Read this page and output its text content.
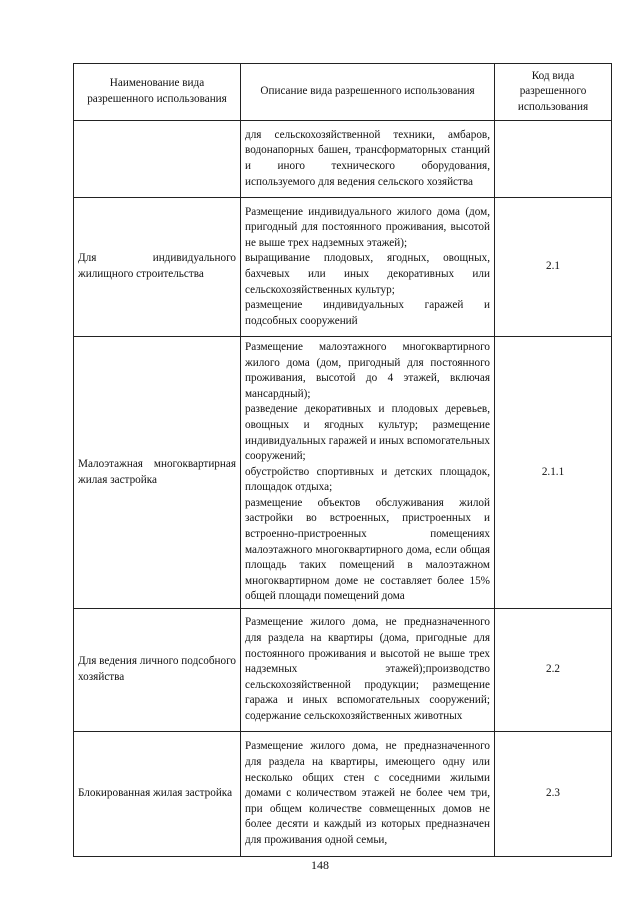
Наименование вида разрешенного использования	Описание вида разрешенного использования	Код вида разрешенного использования

	для сельскохозяйственной техники, амбаров, водонапорных башен, трансформаторных станций и иного технического оборудования, используемого для ведения сельского хозяйства	

Для индивидуального жилищного строительства	Размещение индивидуального жилого дома (дом, пригодный для постоянного проживания, высотой не выше трех надземных этажей);
выращивание плодовых, ягодных, овощных, бахчевых или иных декоративных или сельскохозяйственных культур;
размещение индивидуальных гаражей и подсобных сооружений	2.1
Малоэтажная многоквартирная жилая застройка	Размещение малоэтажного многоквартирного жилого дома (дом, пригодный для постоянного проживания, высотой до 4 этажей, включая мансардный);
разведение декоративных и плодовых деревьев, овощных и ягодных культур; размещение индивидуальных гаражей и иных вспомогательных сооружений;
обустройство спортивных и детских площадок, площадок отдыха;
размещение объектов обслуживания жилой застройки во встроенных, пристроенных и встроенно-пристроенных помещениях малоэтажного многоквартирного дома, если общая площадь таких помещений в малоэтажном многоквартирном доме не составляет более 15% общей площади помещений дома	2.1.1
Для ведения личного подсобного хозяйства	Размещение жилого дома, не предназначенного для раздела на квартиры (дома, пригодные для постоянного проживания и высотой не выше трех надземных этажей);производство сельскохозяйственной продукции; размещение гаража и иных вспомогательных сооружений; содержание сельскохозяйственных животных	2.2
Блокированная жилая застройка	Размещение жилого дома, не предназначенного для раздела на квартиры, имеющего одну или несколько общих стен с соседними жилыми домами с количеством этажей не более чем три, при общем количестве совмещенных домов не более десяти и каждый из которых предназначен для проживания одной семьи,	2.3
148
